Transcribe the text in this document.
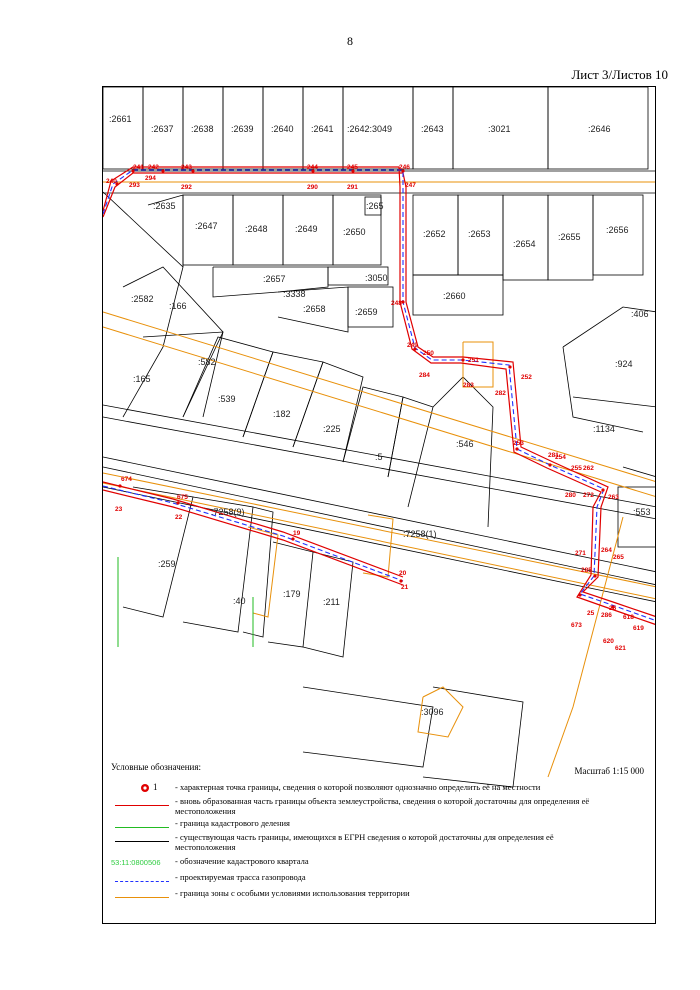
8
Лист 3/Листов 10
:2661
:2637 :2638 :2639 :2640 :2641 :2642:3049	:2643	:3021	:2646
:2635
:2647	:2648	:2649	:2650
:265
:2652 :2653
:2654
:2655
:2656
:2657
:3338
:3050
:2658	:2659
:2660
:2582
:166
:165
:582
:539
:182
:225
:5
:546
:924
:406
:1134
:553
:259
:40
:179
:211
:7258(1)
:7258(9)
:3096
240
241 242	243	244	245	246
247
290	291
292
293
294
248
249
250
251
252
253
254
255 262
263
264
265
271
272
280
281
282
283
284
285
286
673
674
675
19
20
21
22
23
25
26
618
619
620
621
Условные обозначения:	Масштаб 1:15 000
1 - характерная точка границы, сведения о которой позволяют однозначно определить её на местности
- вновь образованная часть границы объекта землеустройства, сведения о которой достаточны для определения её местоположения
- граница кадастрового деления
- существующая часть границы, имеющихся в ЕГРН сведения о которой достаточны для определения её местоположения
53:11:0800506 - обозначение кадастрового квартала
- проектируемая трасса газопровода
- граница зоны с особыми условиями использования территории
